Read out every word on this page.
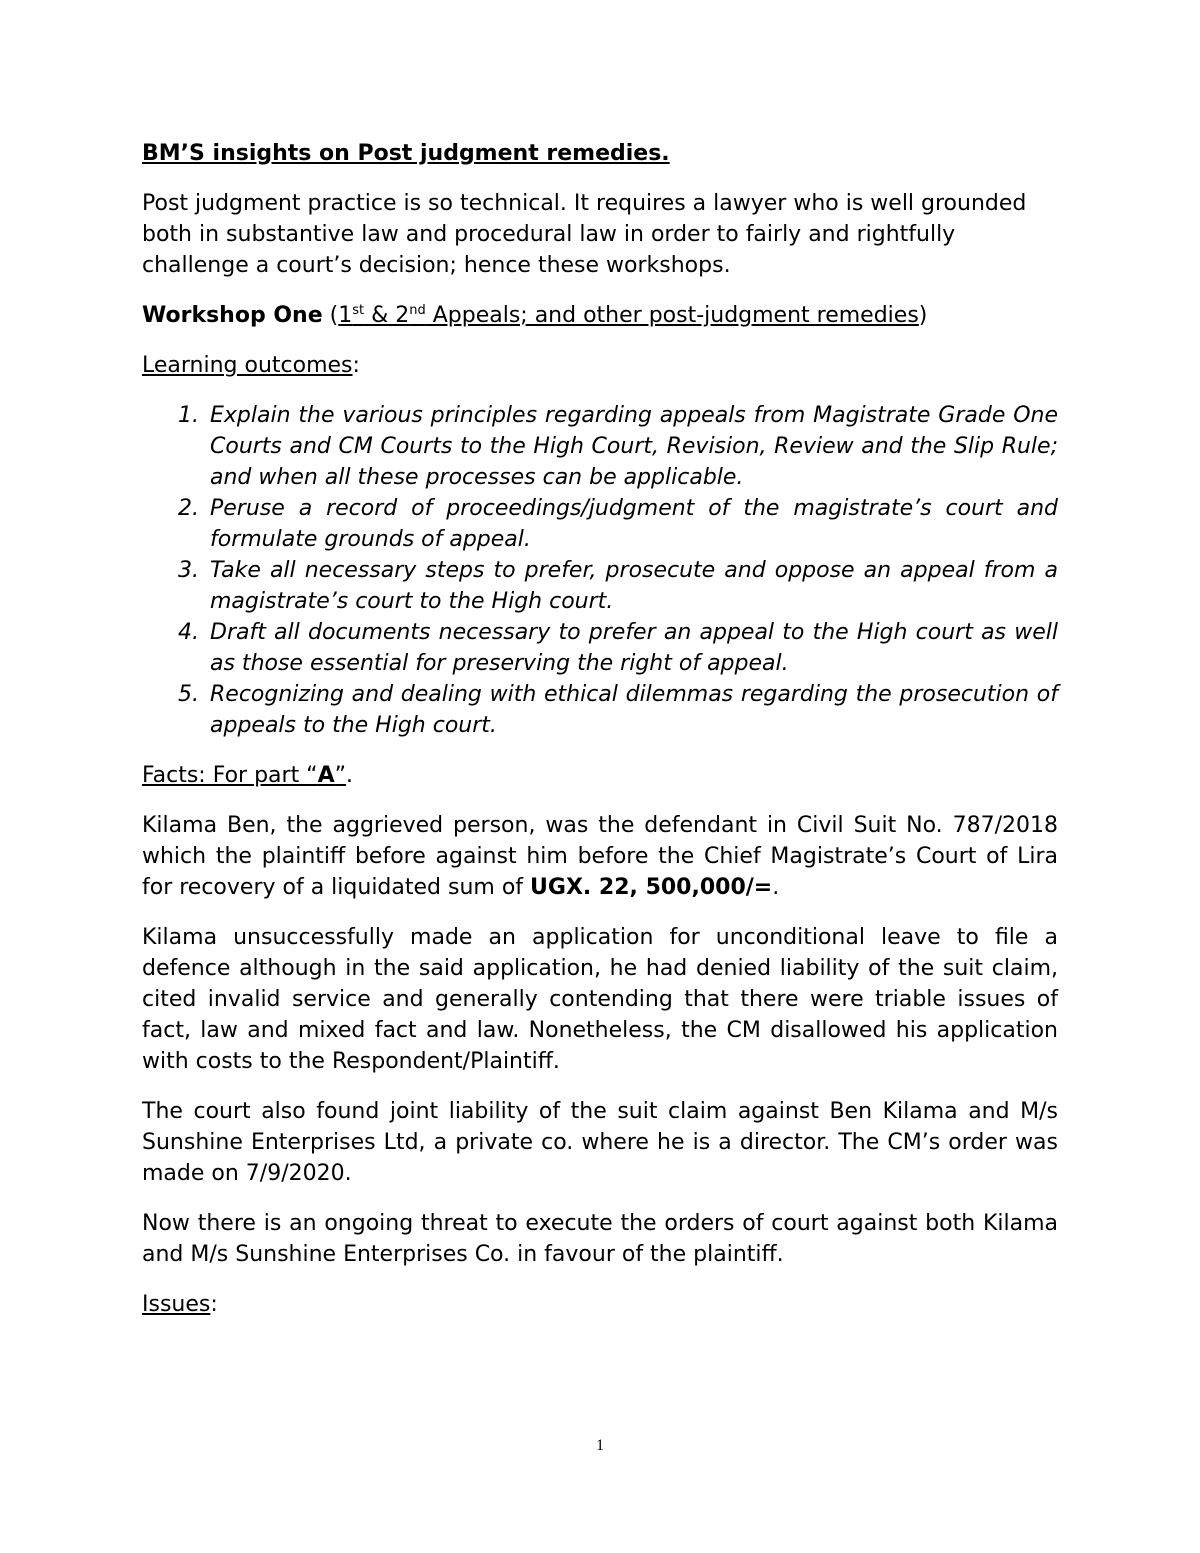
BM’S insights on Post judgment remedies.

Post judgment practice is so technical. It requires a lawyer who is well grounded both in substantive law and procedural law in order to fairly and rightfully challenge a court’s decision; hence these workshops.

Workshop One (1st & 2nd Appeals; and other post-judgment remedies)

Learning outcomes:

1. Explain the various principles regarding appeals from Magistrate Grade One Courts and CM Courts to the High Court, Revision, Review and the Slip Rule; and when all these processes can be applicable.
2. Peruse a record of proceedings/judgment of the magistrate’s court and formulate grounds of appeal.
3. Take all necessary steps to prefer, prosecute and oppose an appeal from a magistrate’s court to the High court.
4. Draft all documents necessary to prefer an appeal to the High court as well as those essential for preserving the right of appeal.
5. Recognizing and dealing with ethical dilemmas regarding the prosecution of appeals to the High court.

Facts: For part “A”.

Kilama Ben, the aggrieved person, was the defendant in Civil Suit No. 787/2018 which the plaintiff before against him before the Chief Magistrate’s Court of Lira for recovery of a liquidated sum of UGX. 22, 500,000/=.

Kilama unsuccessfully made an application for unconditional leave to file a defence although in the said application, he had denied liability of the suit claim, cited invalid service and generally contending that there were triable issues of fact, law and mixed fact and law. Nonetheless, the CM disallowed his application with costs to the Respondent/Plaintiff.

The court also found joint liability of the suit claim against Ben Kilama and M/s Sunshine Enterprises Ltd, a private co. where he is a director. The CM’s order was made on 7/9/2020.

Now there is an ongoing threat to execute the orders of court against both Kilama and M/s Sunshine Enterprises Co. in favour of the plaintiff.

Issues:

1
